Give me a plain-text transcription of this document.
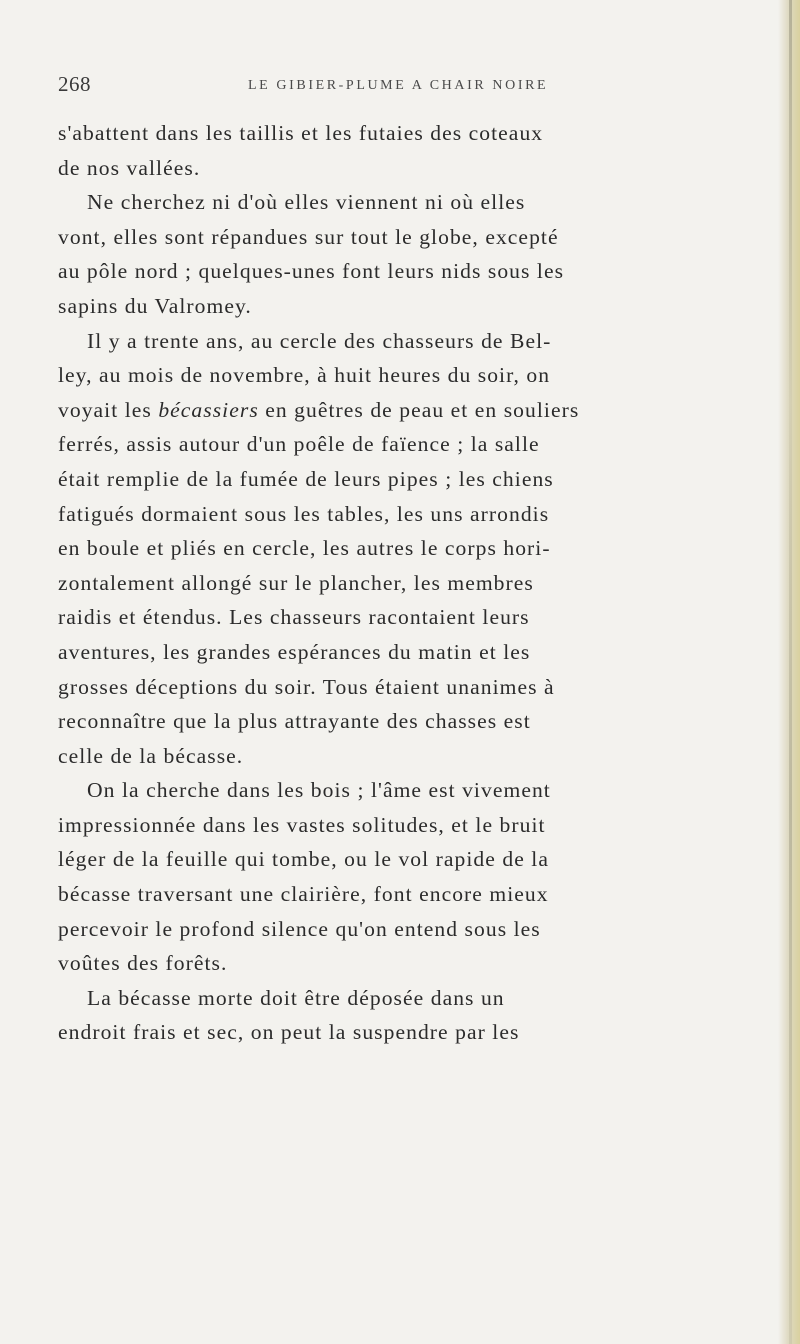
268	LE GIBIER-PLUME A CHAIR NOIRE
s'abattent dans les taillis et les futaies des coteaux
de nos vallées.
Ne cherchez ni d'où elles viennent ni où elles
vont, elles sont répandues sur tout le globe, excepté
au pôle nord ; quelques-unes font leurs nids sous les
sapins du Valromey.
Il y a trente ans, au cercle des chasseurs de Bel-
ley, au mois de novembre, à huit heures du soir, on
voyait les bécassiers en guêtres de peau et en souliers
ferrés, assis autour d'un poêle de faïence ; la salle
était remplie de la fumée de leurs pipes ; les chiens
fatigués dormaient sous les tables, les uns arrondis
en boule et pliés en cercle, les autres le corps hori-
zontalement allongé sur le plancher, les membres
raidis et étendus. Les chasseurs racontaient leurs
aventures, les grandes espérances du matin et les
grosses déceptions du soir. Tous étaient unanimes à
reconnaître que la plus attrayante des chasses est
celle de la bécasse.
On la cherche dans les bois ; l'âme est vivement
impressionnée dans les vastes solitudes, et le bruit
léger de la feuille qui tombe, ou le vol rapide de la
bécasse traversant une clairière, font encore mieux
percevoir le profond silence qu'on entend sous les
voûtes des forêts.
La bécasse morte doit être déposée dans un
endroit frais et sec, on peut la suspendre par les
